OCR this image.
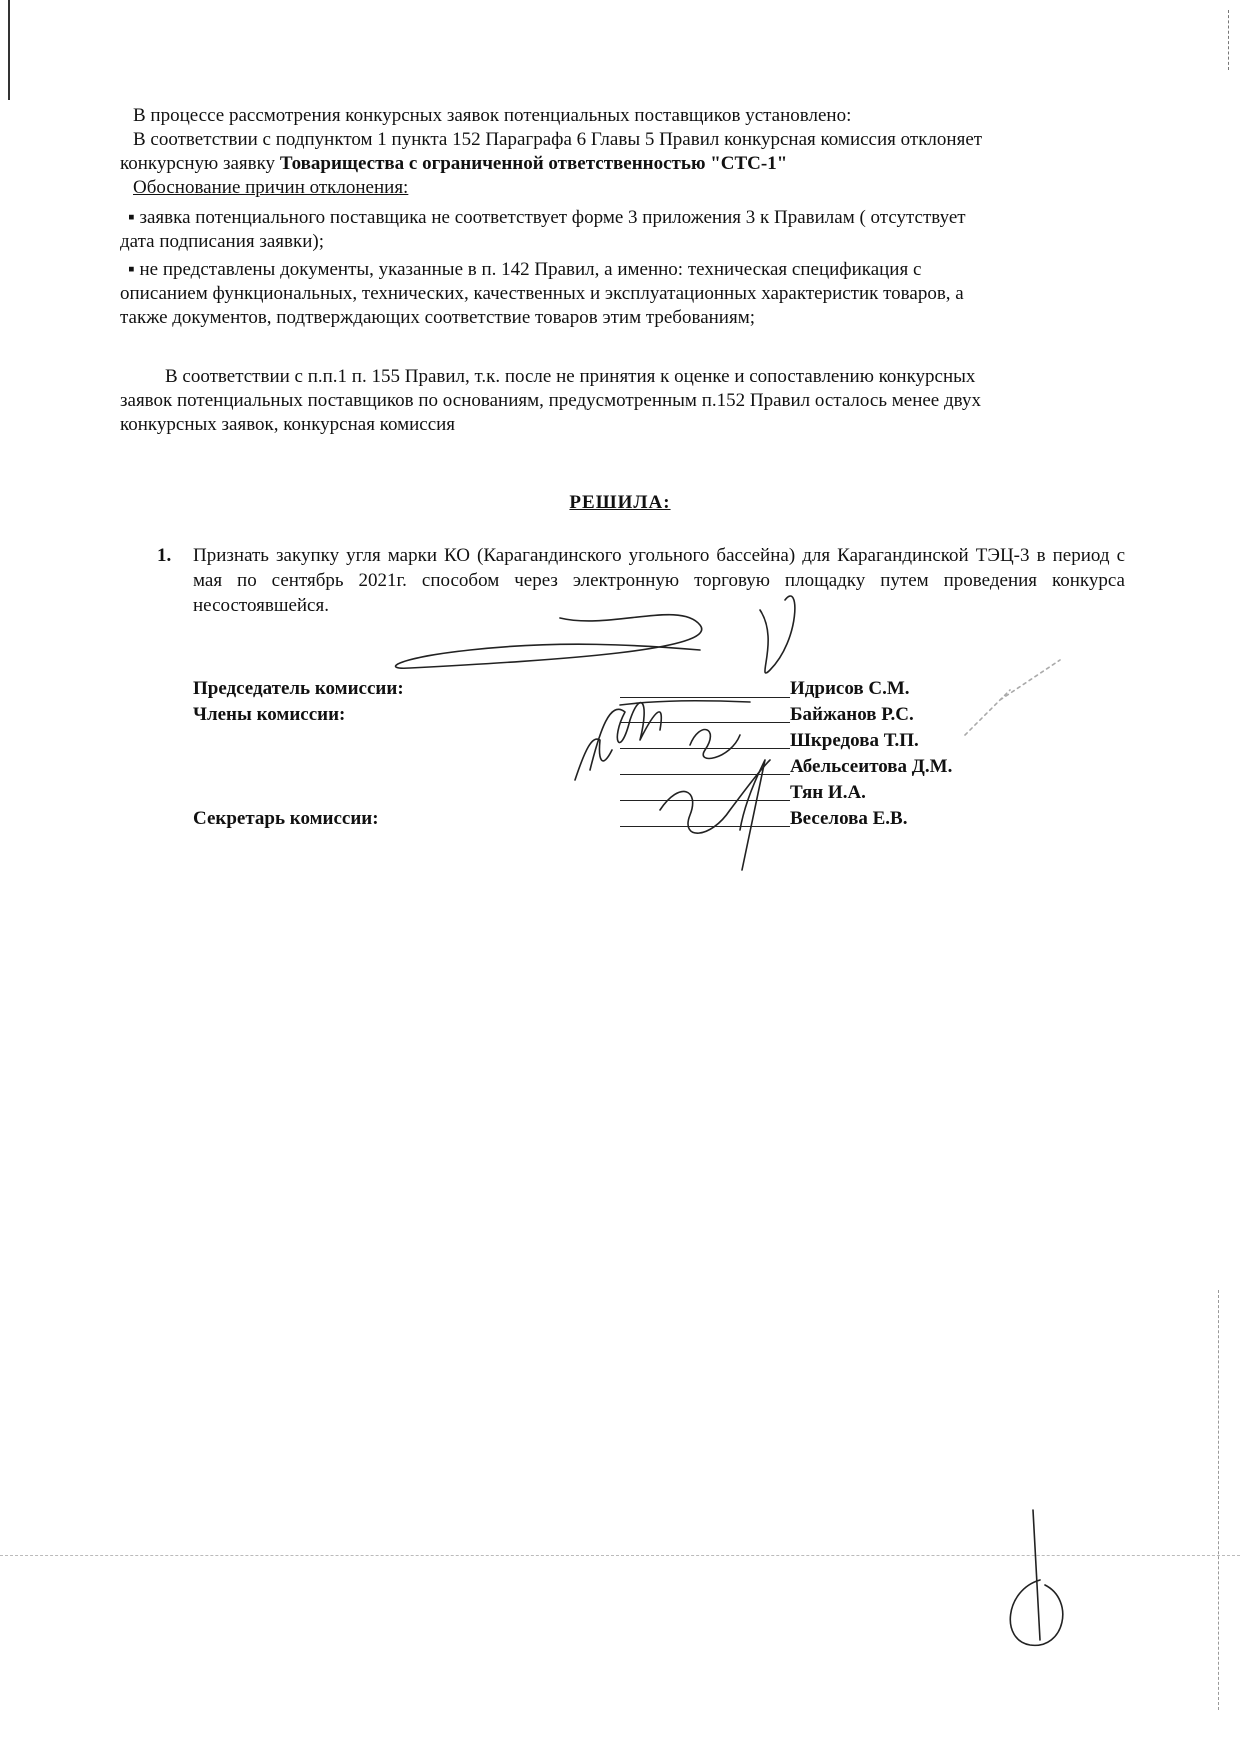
В процессе рассмотрения конкурсных заявок потенциальных поставщиков установлено:
В соответствии с подпунктом 1 пункта 152 Параграфа 6 Главы 5 Правил конкурсная комиссия отклоняет
конкурсную заявку Товарищества с ограниченной ответственностью "СТС-1"
Обоснование причин отклонения:
▪ заявка потенциального поставщика не соответствует форме 3 приложения 3 к Правилам ( отсутствует
дата подписания заявки);
▪ не представлены документы, указанные в п. 142 Правил, а именно: техническая спецификация с
описанием функциональных, технических, качественных и эксплуатационных характеристик товаров, а
также документов, подтверждающих соответствие товаров этим требованиям;
В соответствии с п.п.1 п. 155 Правил, т.к. после не принятия к оценке и сопоставлению конкурсных
заявок потенциальных поставщиков по основаниям, предусмотренным п.152 Правил осталось менее двух
конкурсных заявок, конкурсная комиссия
РЕШИЛА:
1. Признать закупку угля марки КО (Карагандинского угольного бассейна) для Карагандинской ТЭЦ-3 в период с мая по сентябрь 2021г. способом через электронную торговую площадку путем проведения конкурса несостоявшейся.
Председатель комиссии:
Члены комиссии:
Секретарь комиссии:
Идрисов С.М.
Байжанов Р.С.
Шкредова Т.П.
Абельсеитова Д.М.
Тян И.А.
Веселова Е.В.
